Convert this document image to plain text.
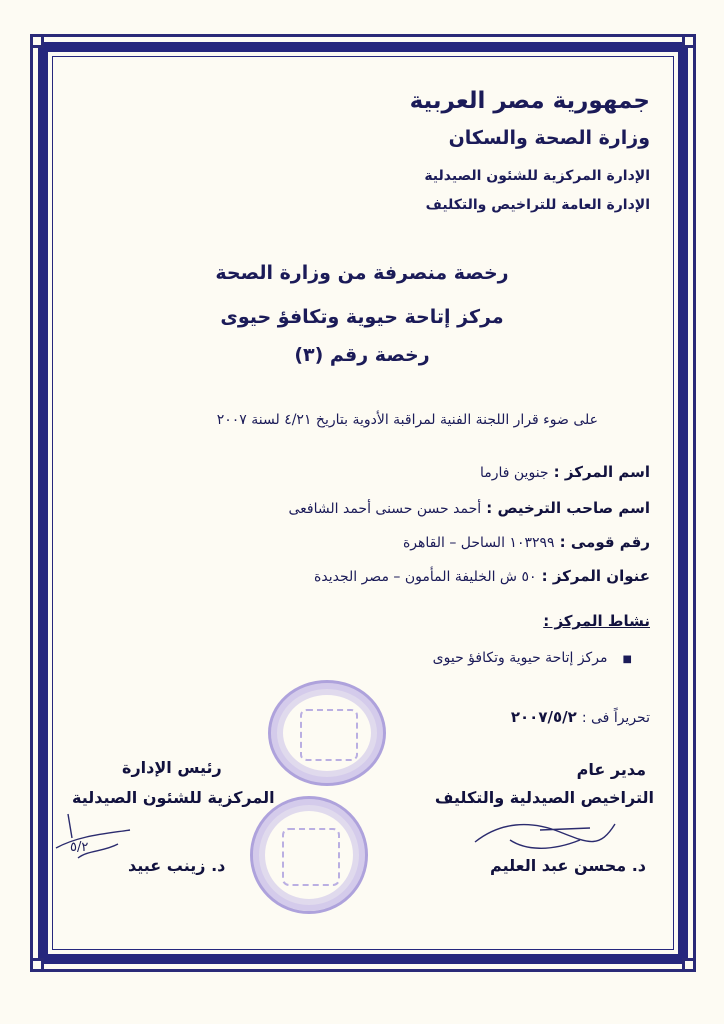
جمهورية مصر العربية
وزارة الصحة والسكان
الإدارة المركزية للشئون الصيدلية
الإدارة العامة للتراخيص والتكليف
رخصة منصرفة من وزارة الصحة
مركز إتاحة حيوية وتكافؤ حيوى
رخصة رقم (٣)
على ضوء قرار اللجنة الفنية لمراقبة الأدوية بتاريخ ٤/٢١ لسنة ٢٠٠٧
اسم المركز : جنوين فارما
اسم صاحب الترخيص : أحمد حسن حسنى أحمد الشافعى
رقم قومى : ١٠٣٢٩٩ الساحل – القاهرة
عنوان المركز : ٥٠ ش الخليفة المأمون – مصر الجديدة
نشاط المركز :
■ مركز إتاحة حيوية وتكافؤ حيوى
تحريراً فى : ٢٠٠٧/٥/٢
مدير عام
التراخيص الصيدلية والتكليف
د. محسن عبد العليم
رئيس الإدارة
المركزية للشئون الصيدلية
٥/٢
د. زينب عبيد
